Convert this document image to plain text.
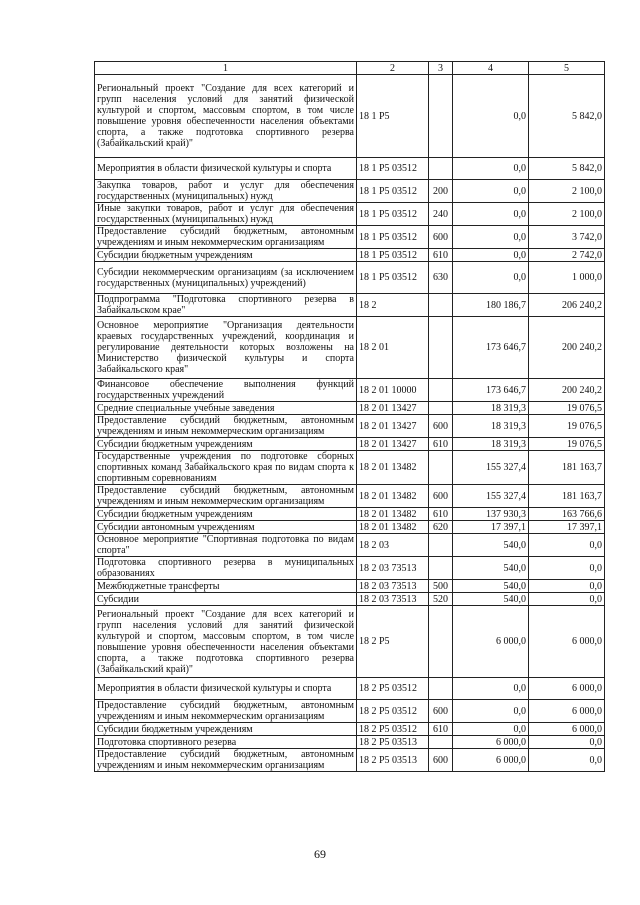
1	2	3	4	5
Региональный проект "Создание для всех категорий и групп населения условий для занятий физической культурой и спортом, массовым спортом, в том числе повышение уровня обеспеченности населения объектами спорта, а также подготовка спортивного резерва (Забайкальский край)"	18 1 P5		0,0	5 842,0
Мероприятия в области физической культуры и спорта	18 1 P5 03512		0,0	5 842,0
Закупка товаров, работ и услуг для обеспечения государственных (муниципальных) нужд	18 1 P5 03512	200	0,0	2 100,0
Иные закупки товаров, работ и услуг для обеспечения государственных (муниципальных) нужд	18 1 P5 03512	240	0,0	2 100,0
Предоставление субсидий бюджетным, автономным учреждениям и иным некоммерческим организациям	18 1 P5 03512	600	0,0	3 742,0
Субсидии бюджетным учреждениям	18 1 P5 03512	610	0,0	2 742,0
Субсидии некоммерческим организациям (за исключением государственных (муниципальных) учреждений)	18 1 P5 03512	630	0,0	1 000,0
Подпрограмма "Подготовка спортивного резерва в Забайкальском крае"	18 2		180 186,7	206 240,2
Основное мероприятие "Организация деятельности краевых государственных учреждений, координация и регулирование деятельности которых возложены на Министерство физической культуры и спорта Забайкальского края"	18 2 01		173 646,7	200 240,2
Финансовое обеспечение выполнения функций государственных учреждений	18 2 01 10000		173 646,7	200 240,2
Средние специальные учебные заведения	18 2 01 13427		18 319,3	19 076,5
Предоставление субсидий бюджетным, автономным учреждениям и иным некоммерческим организациям	18 2 01 13427	600	18 319,3	19 076,5
Субсидии бюджетным учреждениям	18 2 01 13427	610	18 319,3	19 076,5
Государственные учреждения по подготовке сборных спортивных команд Забайкальского края по видам спорта к спортивным соревнованиям	18 2 01 13482		155 327,4	181 163,7
Предоставление субсидий бюджетным, автономным учреждениям и иным некоммерческим организациям	18 2 01 13482	600	155 327,4	181 163,7
Субсидии бюджетным учреждениям	18 2 01 13482	610	137 930,3	163 766,6
Субсидии автономным учреждениям	18 2 01 13482	620	17 397,1	17 397,1
Основное мероприятие "Спортивная подготовка по видам спорта"	18 2 03		540,0	0,0
Подготовка спортивного резерва в муниципальных образованиях	18 2 03 73513		540,0	0,0
Межбюджетные трансферты	18 2 03 73513	500	540,0	0,0
Субсидии	18 2 03 73513	520	540,0	0,0
Региональный проект "Создание для всех категорий и групп населения условий для занятий физической культурой и спортом, массовым спортом, в том числе повышение уровня обеспеченности населения объектами спорта, а также подготовка спортивного резерва (Забайкальский край)"	18 2 P5		6 000,0	6 000,0
Мероприятия в области физической культуры и спорта	18 2 P5 03512		0,0	6 000,0
Предоставление субсидий бюджетным, автономным учреждениям и иным некоммерческим организациям	18 2 P5 03512	600	0,0	6 000,0
Субсидии бюджетным учреждениям	18 2 P5 03512	610	0,0	6 000,0
Подготовка спортивного резерва	18 2 P5 03513		6 000,0	0,0
Предоставление субсидий бюджетным, автономным учреждениям и иным некоммерческим организациям	18 2 P5 03513	600	6 000,0	0,0
69
